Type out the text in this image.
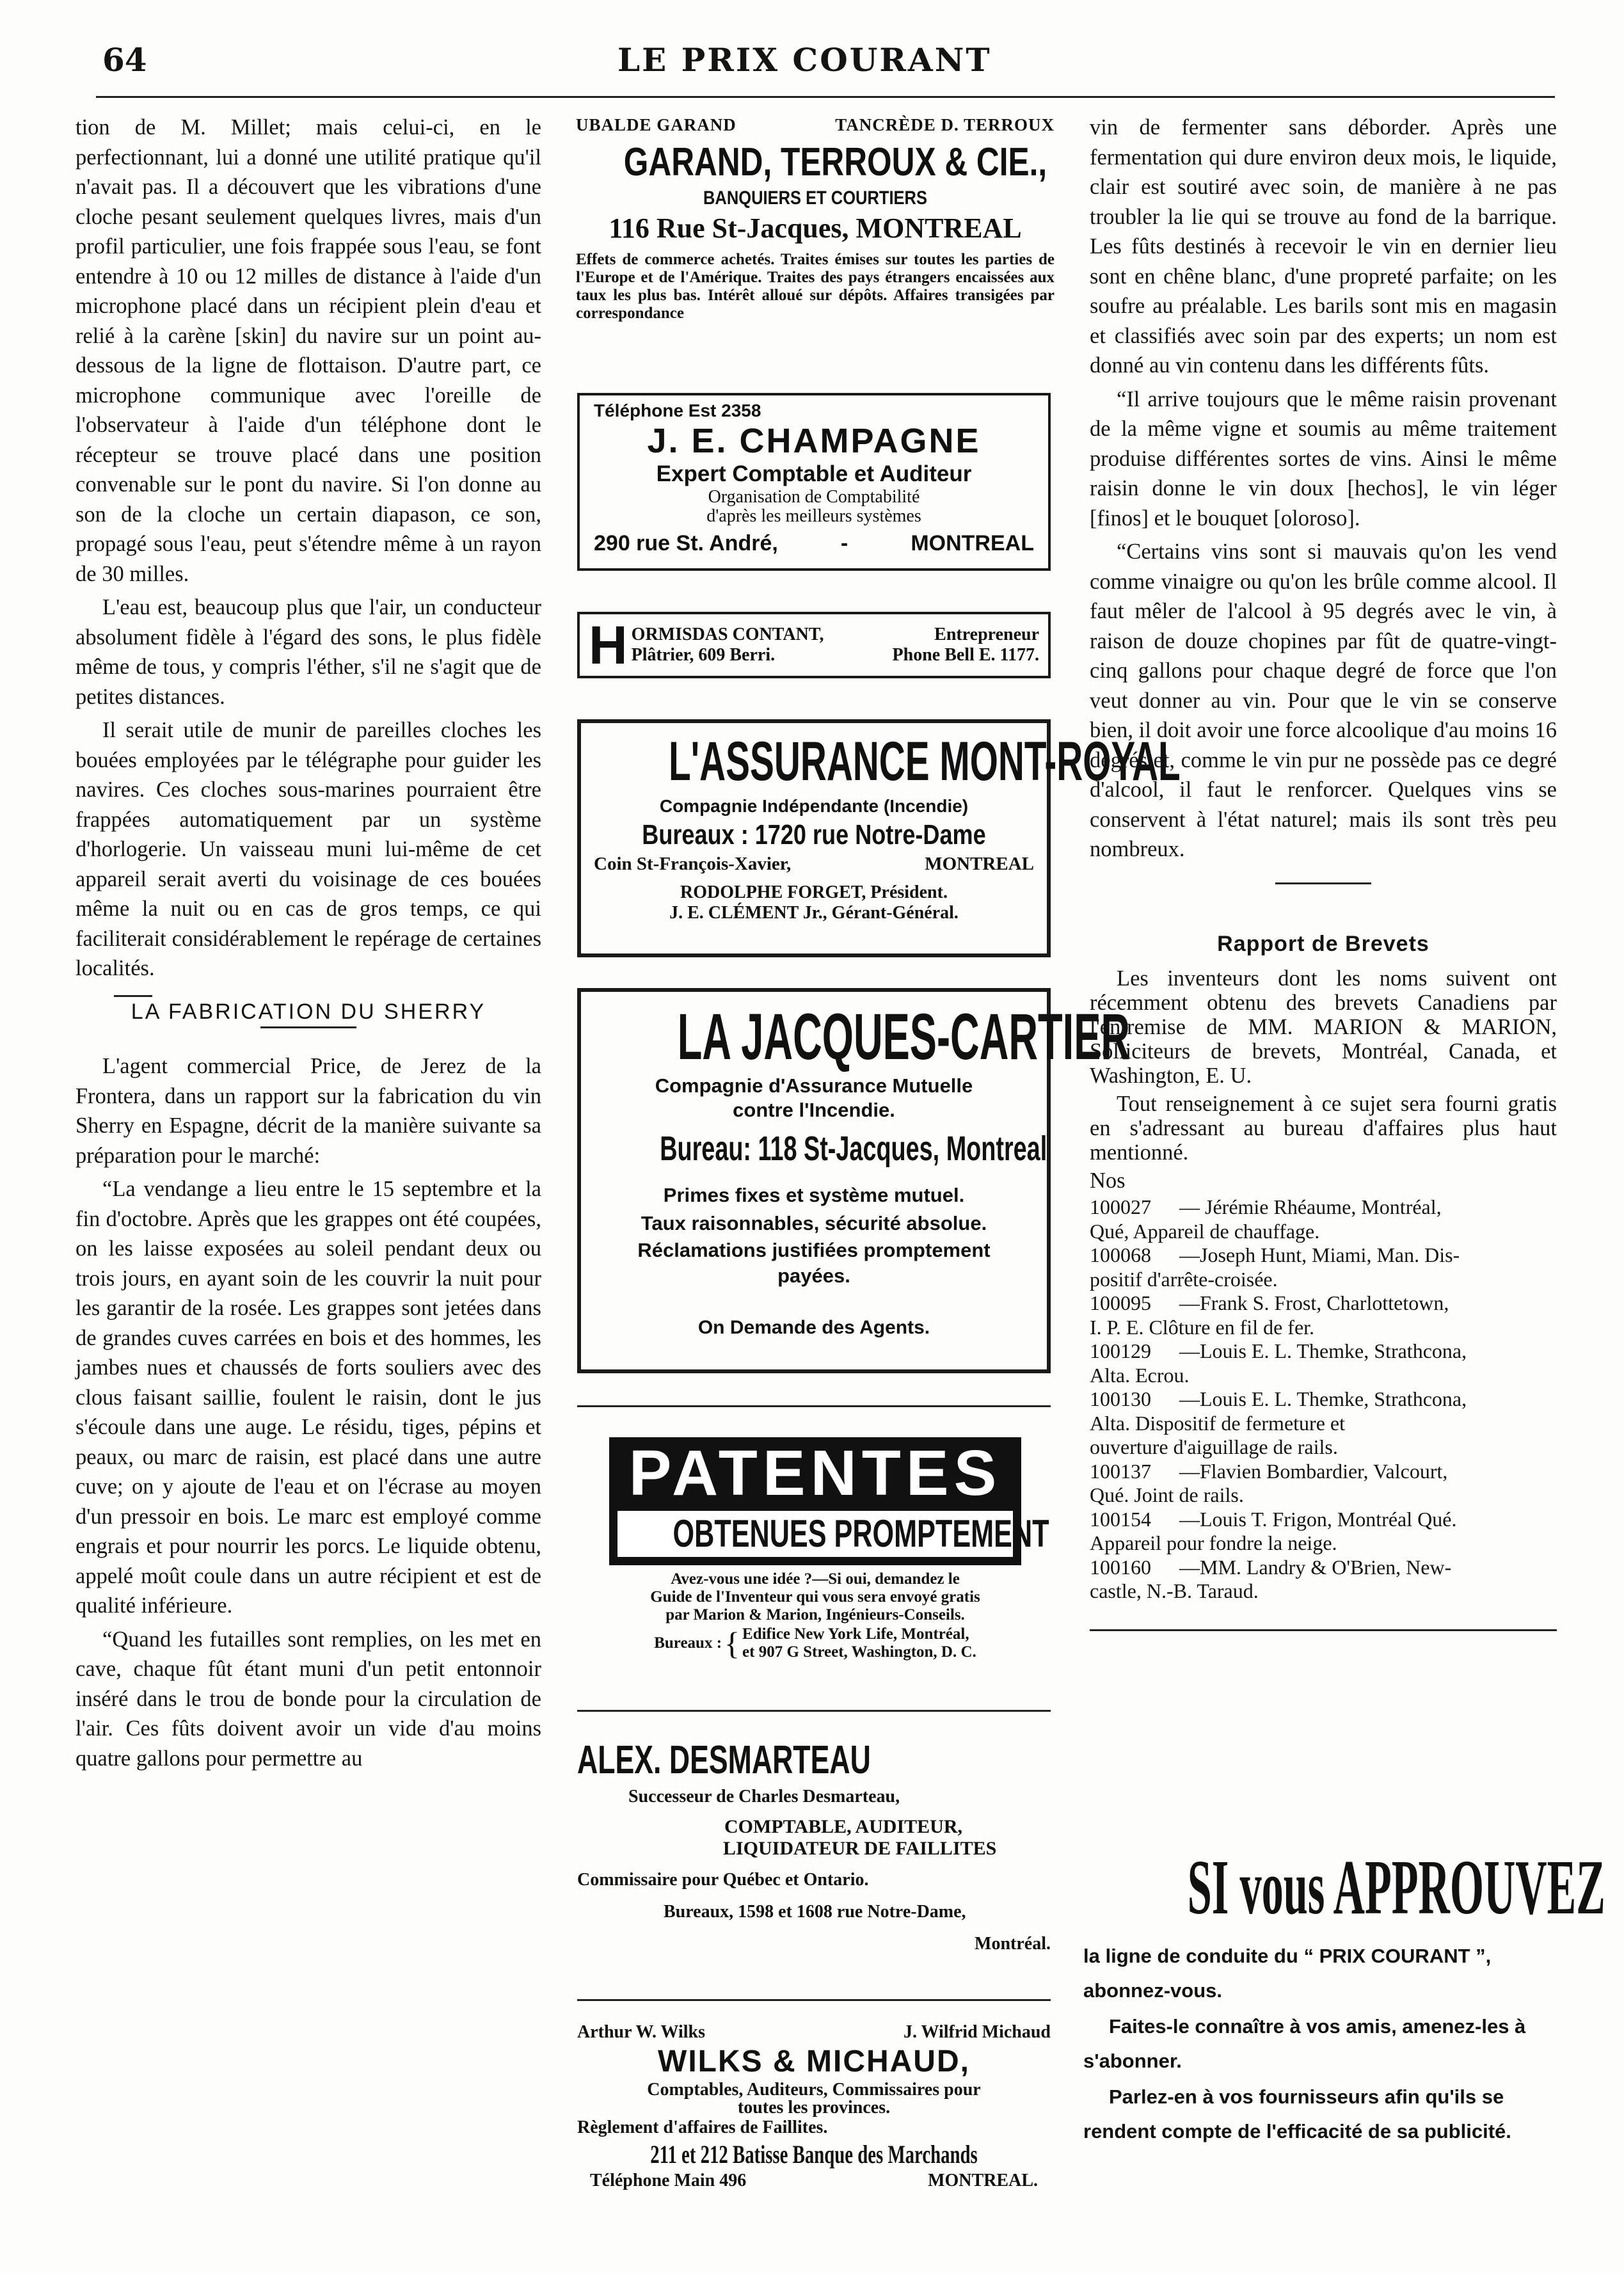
64	LE PRIX COURANT

tion de M. Millet; mais celui-ci, en le perfectionnant, lui a donné une utilité pratique qu'il n'avait pas. Il a découvert que les vibrations d'une cloche pesant seulement quelques livres, mais d'un profil particulier, une fois frappée sous l'eau, se font entendre à 10 ou 12 milles de distance à l'aide d'un microphone placé dans un récipient plein d'eau et relié à la carène [skin] du navire sur un point au-dessous de la ligne de flottaison. D'autre part, ce microphone communique avec l'oreille de l'observateur à l'aide d'un téléphone dont le récepteur se trouve placé dans une position convenable sur le pont du navire. Si l'on donne au son de la cloche un certain diapason, ce son, propagé sous l'eau, peut s'étendre même à un rayon de 30 milles.

L'eau est, beaucoup plus que l'air, un conducteur absolument fidèle à l'égard des sons, le plus fidèle même de tous, y compris l'éther, s'il ne s'agit que de petites distances.

Il serait utile de munir de pareilles cloches les bouées employées par le télégraphe pour guider les navires. Ces cloches sous-marines pourraient être frappées automatiquement par un système d'horlogerie. Un vaisseau muni lui-même de cet appareil serait averti du voisinage de ces bouées même la nuit ou en cas de gros temps, ce qui faciliterait considérablement le repérage de certaines localités.

LA FABRICATION DU SHERRY

L'agent commercial Price, de Jerez de la Frontera, dans un rapport sur la fabrication du vin Sherry en Espagne, décrit de la manière suivante sa préparation pour le marché:

“La vendange a lieu entre le 15 septembre et la fin d'octobre. Après que les grappes ont été coupées, on les laisse exposées au soleil pendant deux ou trois jours, en ayant soin de les couvrir la nuit pour les garantir de la rosée. Les grappes sont jetées dans de grandes cuves carrées en bois et des hommes, les jambes nues et chaussés de forts souliers avec des clous faisant saillie, foulent le raisin, dont le jus s'écoule dans une auge. Le résidu, tiges, pépins et peaux, ou marc de raisin, est placé dans une autre cuve; on y ajoute de l'eau et on l'écrase au moyen d'un pressoir en bois. Le marc est employé comme engrais et pour nourrir les porcs. Le liquide obtenu, appelé moût coule dans un autre récipient et est de qualité inférieure.

“Quand les futailles sont remplies, on les met en cave, chaque fût étant muni d'un petit entonnoir inséré dans le trou de bonde pour la circulation de l'air. Ces fûts doivent avoir un vide d'au moins quatre gallons pour permettre au

UBALDE GARAND	TANCRÈDE D. TERROUX
GARAND, TERROUX & CIE.,
BANQUIERS ET COURTIERS
116 Rue St-Jacques, MONTREAL
Effets de commerce achetés. Traites émises sur toutes les parties de l'Europe et de l'Amérique. Traites des pays étrangers encaissées aux taux les plus bas. Intérêt alloué sur dépôts. Affaires transigées par correspondance
Téléphone Est 2358
J. E. CHAMPAGNE
Expert Comptable et Auditeur
Organisation de Comptabilité
d'après les meilleurs systèmes
290 rue St. André,	-	MONTREAL
H ORMISDAS CONTANT,	Entrepreneur
Plâtrier, 609 Berri.	Phone Bell E. 1177.
L'ASSURANCE MONT-ROYAL
Compagnie Indépendante (Incendie)
Bureaux : 1720 rue Notre-Dame
Coin St-François-Xavier,	MONTREAL
RODOLPHE FORGET, Président.
J. E. CLÉMENT Jr., Gérant-Général.
LA JACQUES-CARTIER
Compagnie d'Assurance Mutuelle
contre l'Incendie.
Bureau: 118 St-Jacques, Montreal
Primes fixes et système mutuel.
Taux raisonnables, sécurité absolue.
Réclamations justifiées promptement
payées.
On Demande des Agents.
PATENTES
OBTENUES PROMPTEMENT
Avez-vous une idée ?—Si oui, demandez le
Guide de l'Inventeur qui vous sera envoyé gratis
par Marion & Marion, Ingénieurs-Conseils.
Bureaux : { Edifice New York Life, Montréal,
et 907 G Street, Washington, D. C.
ALEX. DESMARTEAU
Successeur de Charles Desmarteau,
COMPTABLE, AUDITEUR,
LIQUIDATEUR DE FAILLITES
Commissaire pour Québec et Ontario.
Bureaux, 1598 et 1608 rue Notre-Dame,
Montréal.
Arthur W. Wilks	J. Wilfrid Michaud
WILKS & MICHAUD,
Comptables, Auditeurs, Commissaires pour
toutes les provinces.
Règlement d'affaires de Faillites.
211 et 212 Batisse Banque des Marchands
Téléphone Main 496	MONTREAL.

vin de fermenter sans déborder. Après une fermentation qui dure environ deux mois, le liquide, clair est soutiré avec soin, de manière à ne pas troubler la lie qui se trouve au fond de la barrique. Les fûts destinés à recevoir le vin en dernier lieu sont en chêne blanc, d'une propreté parfaite; on les soufre au préalable. Les barils sont mis en magasin et classifiés avec soin par des experts; un nom est donné au vin contenu dans les différents fûts.

“Il arrive toujours que le même raisin provenant de la même vigne et soumis au même traitement produise différentes sortes de vins. Ainsi le même raisin donne le vin doux [hechos], le vin léger [finos] et le bouquet [oloroso].

“Certains vins sont si mauvais qu'on les vend comme vinaigre ou qu'on les brûle comme alcool. Il faut mêler de l'alcool à 95 degrés avec le vin, à raison de douze chopines par fût de quatre-vingt-cinq gallons pour chaque degré de force que l'on veut donner au vin. Pour que le vin se conserve bien, il doit avoir une force alcoolique d'au moins 16 degrés et, comme le vin pur ne possède pas ce degré d'alcool, il faut le renforcer. Quelques vins se conservent à l'état naturel; mais ils sont très peu nombreux.

Rapport de Brevets

Les inventeurs dont les noms suivent ont récemment obtenu des brevets Canadiens par l'entremise de MM. MARION & MARION, Solliciteurs de brevets, Montréal, Canada, et Washington, E. U.

Tout renseignement à ce sujet sera fourni gratis en s'adressant au bureau d'affaires plus haut mentionné.

Nos

100027	— Jérémie Rhéaume, Montréal,
Qué, Appareil de chauffage.
100068	—Joseph Hunt, Miami, Man. Dis-
positif d'arrête-croisée.
100095	—Frank S. Frost, Charlottetown,
I. P. E. Clôture en fil de fer.
100129	—Louis E. L. Themke, Strathcona,
Alta. Ecrou.
100130	—Louis E. L. Themke, Strathcona,
Alta. Dispositif de fermeture et
ouverture d'aiguillage de rails.
100137	—Flavien Bombardier, Valcourt,
Qué. Joint de rails.
100154	—Louis T. Frigon, Montréal Qué.
Appareil pour fondre la neige.
100160	—MM. Landry & O'Brien, New-
castle, N.-B. Taraud.
SI vous APPROUVEZ
la ligne de conduite du “ PRIX COURANT ”, abonnez-vous.
Faites-le connaître à vos amis, amenez-les à s'abonner.
Parlez-en à vos fournisseurs afin qu'ils se rendent compte de l'efficacité de sa publicité.
